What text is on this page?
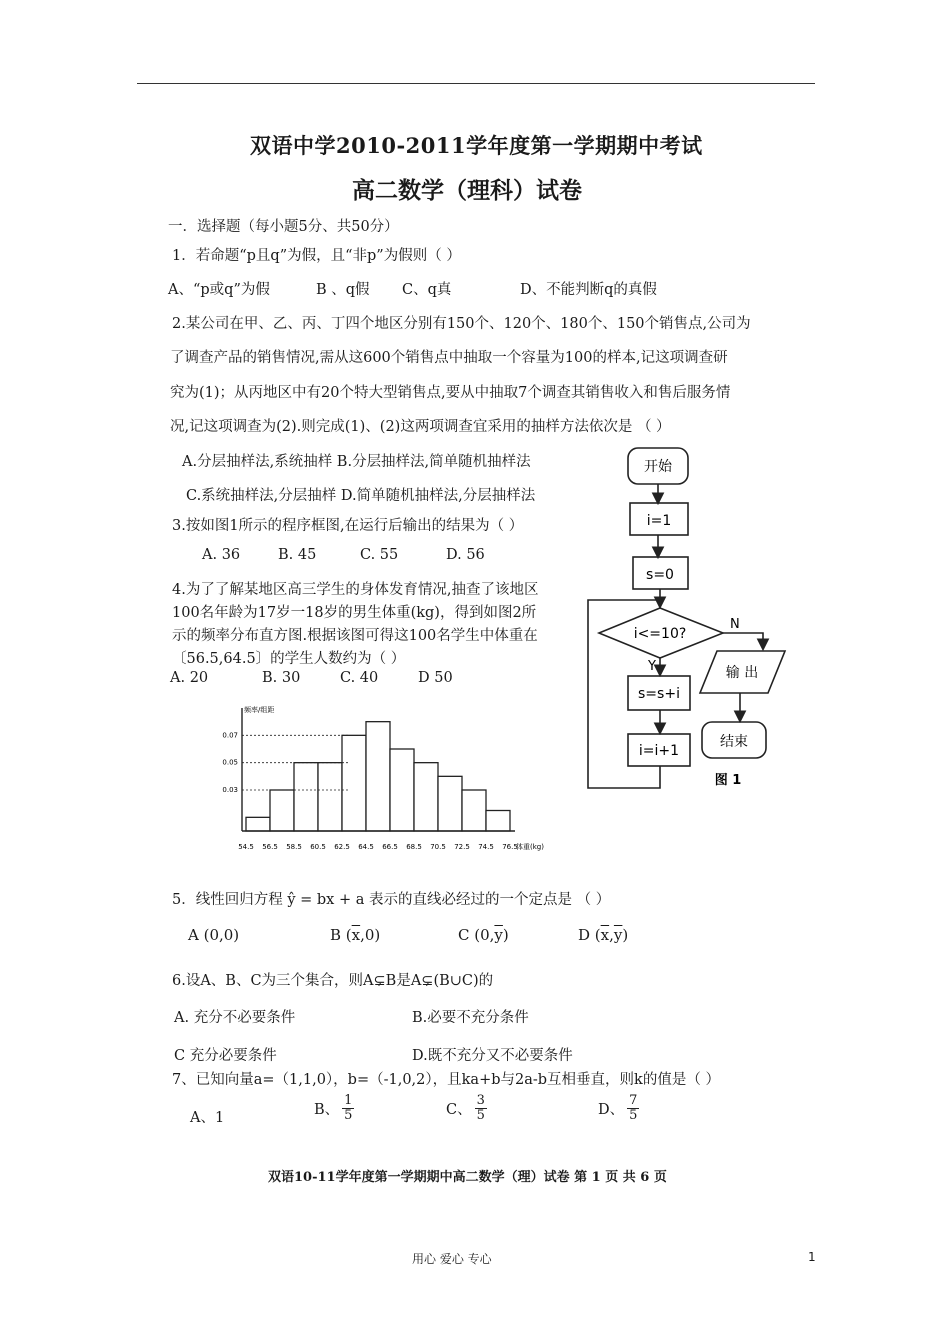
双语中学2010-2011学年度第一学期期中考试
高二数学（理科）试卷
一．选择题（每小题5分、共50分）
1．若命题“p且q”为假，且“非p”为假则（ ）
A、“p或q”为假	B 、q假 C、q真	D、不能判断q的真假
2.某公司在甲、乙、丙、丁四个地区分别有150个、120个、180个、150个销售点,公司为
了调查产品的销售情况,需从这600个销售点中抽取一个容量为100的样本,记这项调查研
究为(1)；从丙地区中有20个特大型销售点,要从中抽取7个调查其销售收入和售后服务情
况,记这项调查为(2).则完成(1)、(2)这两项调查宜采用的抽样方法依次是 （ ）
A.分层抽样法,系统抽样 B.分层抽样法,简单随机抽样法
C.系统抽样法,分层抽样 D.简单随机抽样法,分层抽样法
3.按如图1所示的程序框图,在运行后输出的结果为（ ）
A. 36	B. 45	C. 55	D. 56
4.为了了解某地区高三学生的身体发育情况,抽查了该地区
100名年龄为17岁一18岁的男生体重(kg)，得到如图2所
示的频率分布直方图.根据该图可得这100名学生中体重在
〔56.5,64.5〕的学生人数约为（ ）
A. 20	B. 30	C. 40	D 50
开始
i=1
s=0
i<=10?
Y
N
s=s+i
i=i+1
输 出
结束
图 1
频率/组距
体重(kg)
54.5 56.5 58.5 60.5 62.5 64.5 66.5 68.5 70.5 72.5 74.5 76.5
0.07
0.05
0.03
5．线性回归方程 ŷ = bx + a 表示的直线必经过的一个定点是 （ ）
A (0,0)	B $(\overline{x},0)$	C $(0,\overline{y})$	D $(\overline{x},\overline{y})$
6.设A、B、C为三个集合，则A⊊B是A⊊(B∪C)的
A. 充分不必要条件	B.必要不充分条件
C 充分必要条件	D.既不充分又不必要条件
7、已知向量a=（1,1,0），b=（-1,0,2），且ka+b与2a-b互相垂直，则k的值是（ ）
A、1	B、 $\frac{1}{5}$	C、 $\frac{3}{5}$	D、 $\frac{7}{5}$
双语10-11学年度第一学期期中高二数学（理）试卷 第 1 页 共 6 页
用心 爱心 专心	1
